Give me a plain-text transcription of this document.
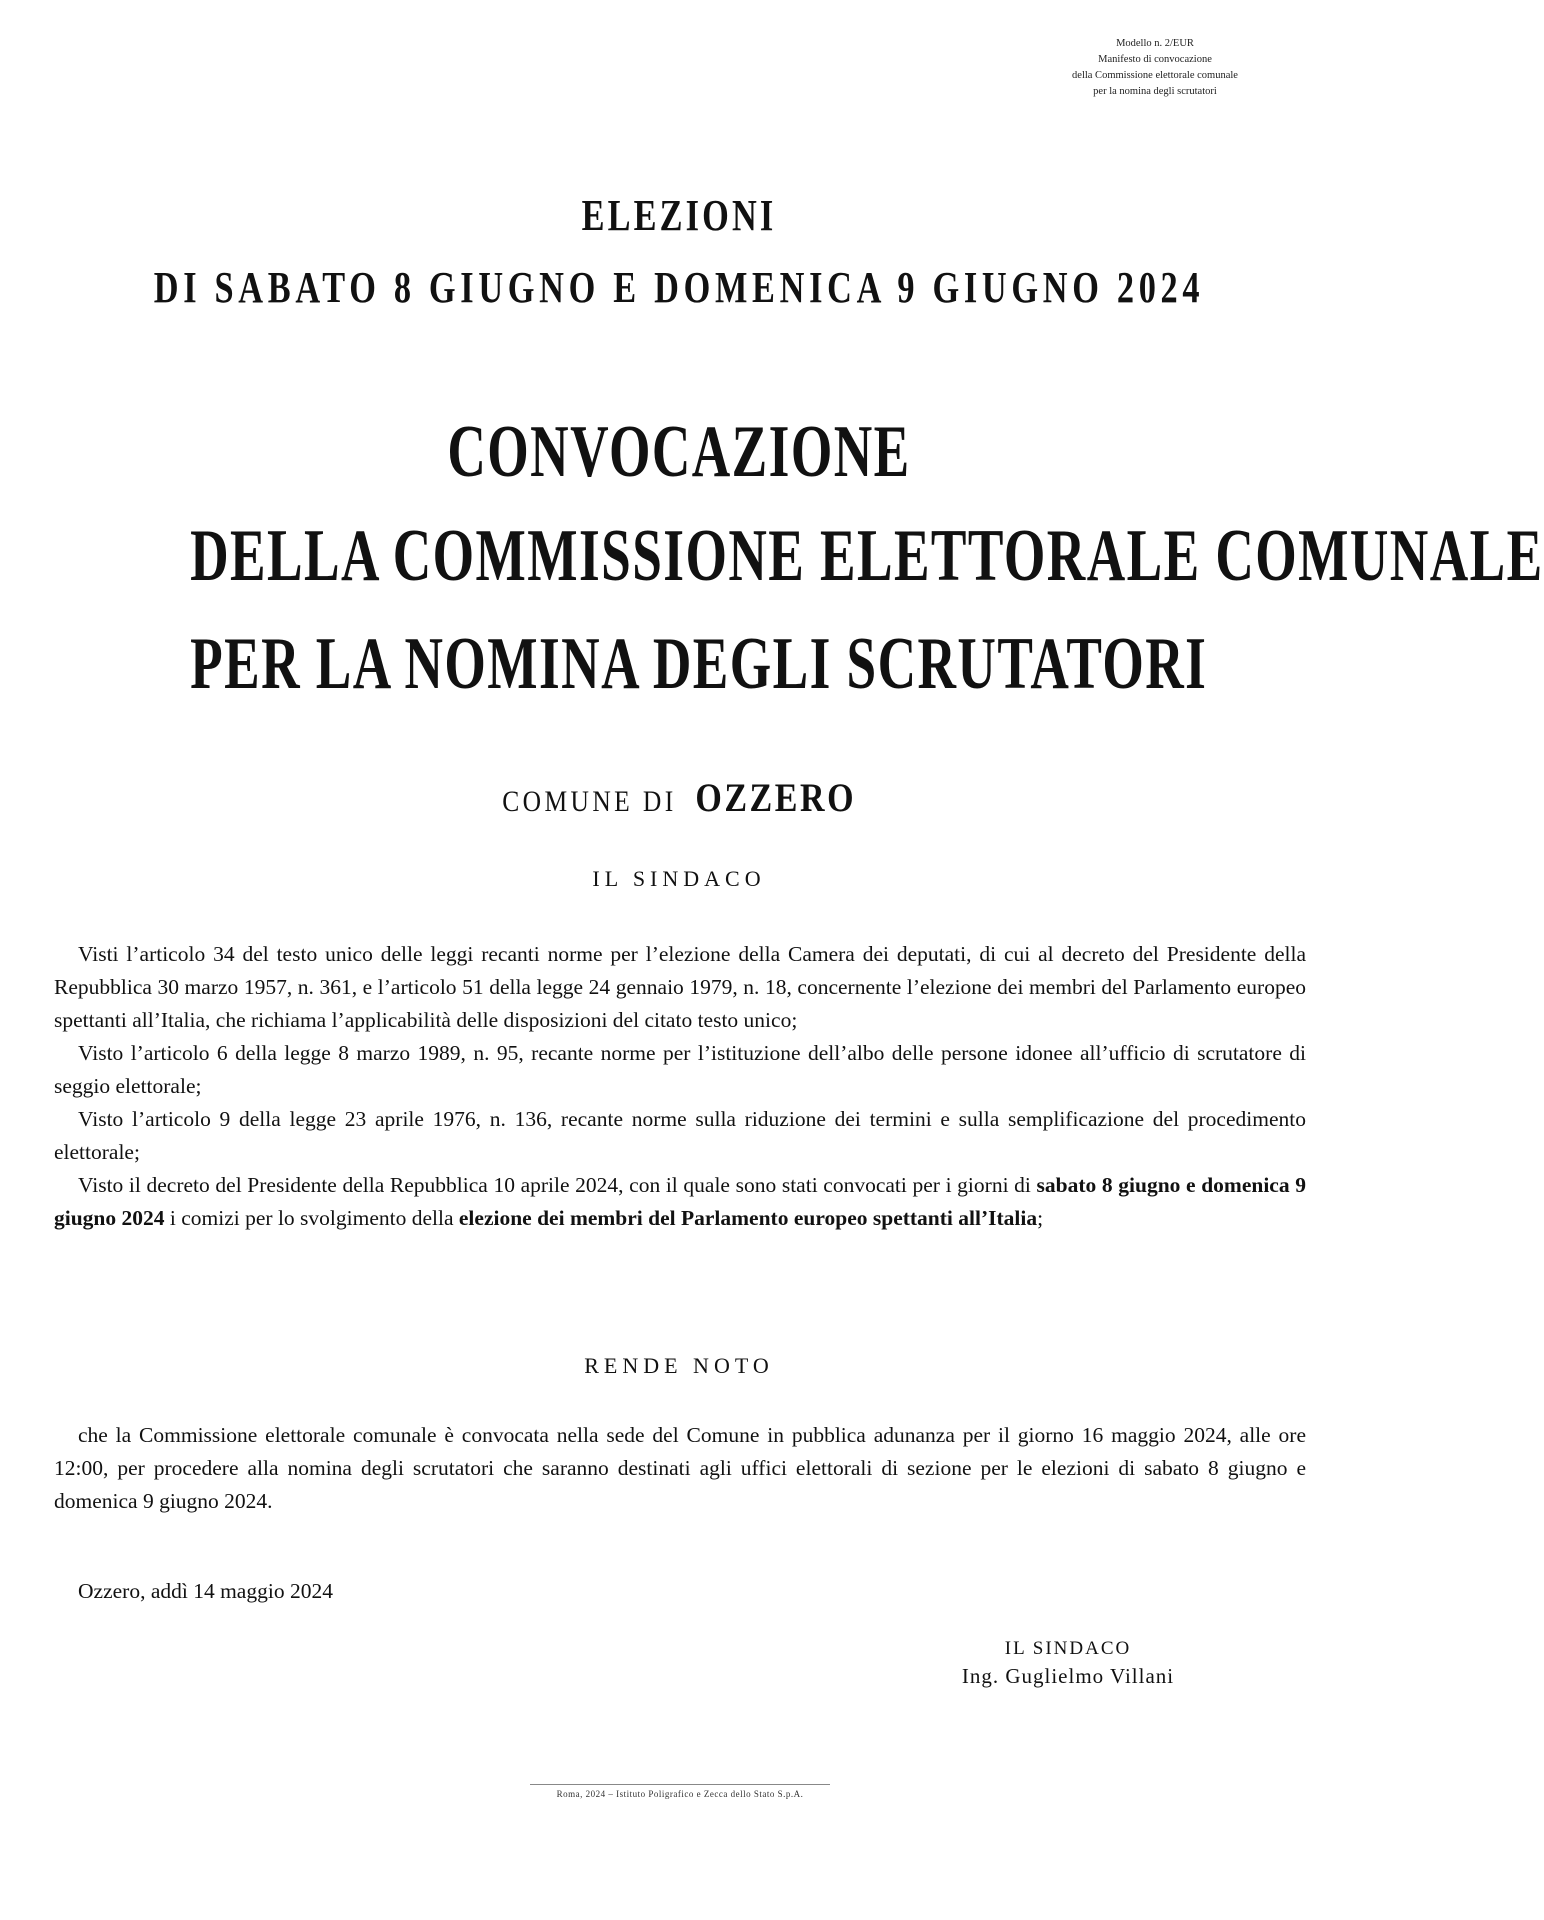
Modello n. 2/EUR
Manifesto di convocazione
della Commissione elettorale comunale
per la nomina degli scrutatori
ELEZIONI
DI SABATO 8 GIUGNO E DOMENICA 9 GIUGNO 2024
CONVOCAZIONE
DELLA COMMISSIONE ELETTORALE COMUNALE
PER LA NOMINA DEGLI SCRUTATORI
COMUNE DI OZZERO
IL SINDACO

Visti l’articolo 34 del testo unico delle leggi recanti norme per l’elezione della Camera dei deputati, di cui al decreto del Presidente della Repubblica 30 marzo 1957, n. 361, e l’articolo 51 della legge 24 gennaio 1979, n. 18, concernente l’elezione dei membri del Parlamento europeo spettanti all’Italia, che richiama l’applicabilità delle disposizioni del citato testo unico;

Visto l’articolo 6 della legge 8 marzo 1989, n. 95, recante norme per l’istituzione dell’albo delle persone idonee all’ufficio di scrutatore di seggio elettorale;

Visto l’articolo 9 della legge 23 aprile 1976, n. 136, recante norme sulla riduzione dei termini e sulla semplificazione del procedimento elettorale;

Visto il decreto del Presidente della Repubblica 10 aprile 2024, con il quale sono stati convocati per i giorni di sabato 8 giugno e domenica 9 giugno 2024 i comizi per lo svolgimento della elezione dei membri del Parlamento europeo spettanti all’Italia;

RENDE NOTO

che la Commissione elettorale comunale è convocata nella sede del Comune in pubblica adunanza per il giorno 16 maggio 2024, alle ore 12:00, per procedere alla nomina degli scrutatori che saranno destinati agli uffici elettorali di sezione per le elezioni di sabato 8 giugno e domenica 9 giugno 2024.

Ozzero, addì 14 maggio 2024
IL SINDACO
Ing. Guglielmo Villani
Roma, 2024 – Istituto Poligrafico e Zecca dello Stato S.p.A.
